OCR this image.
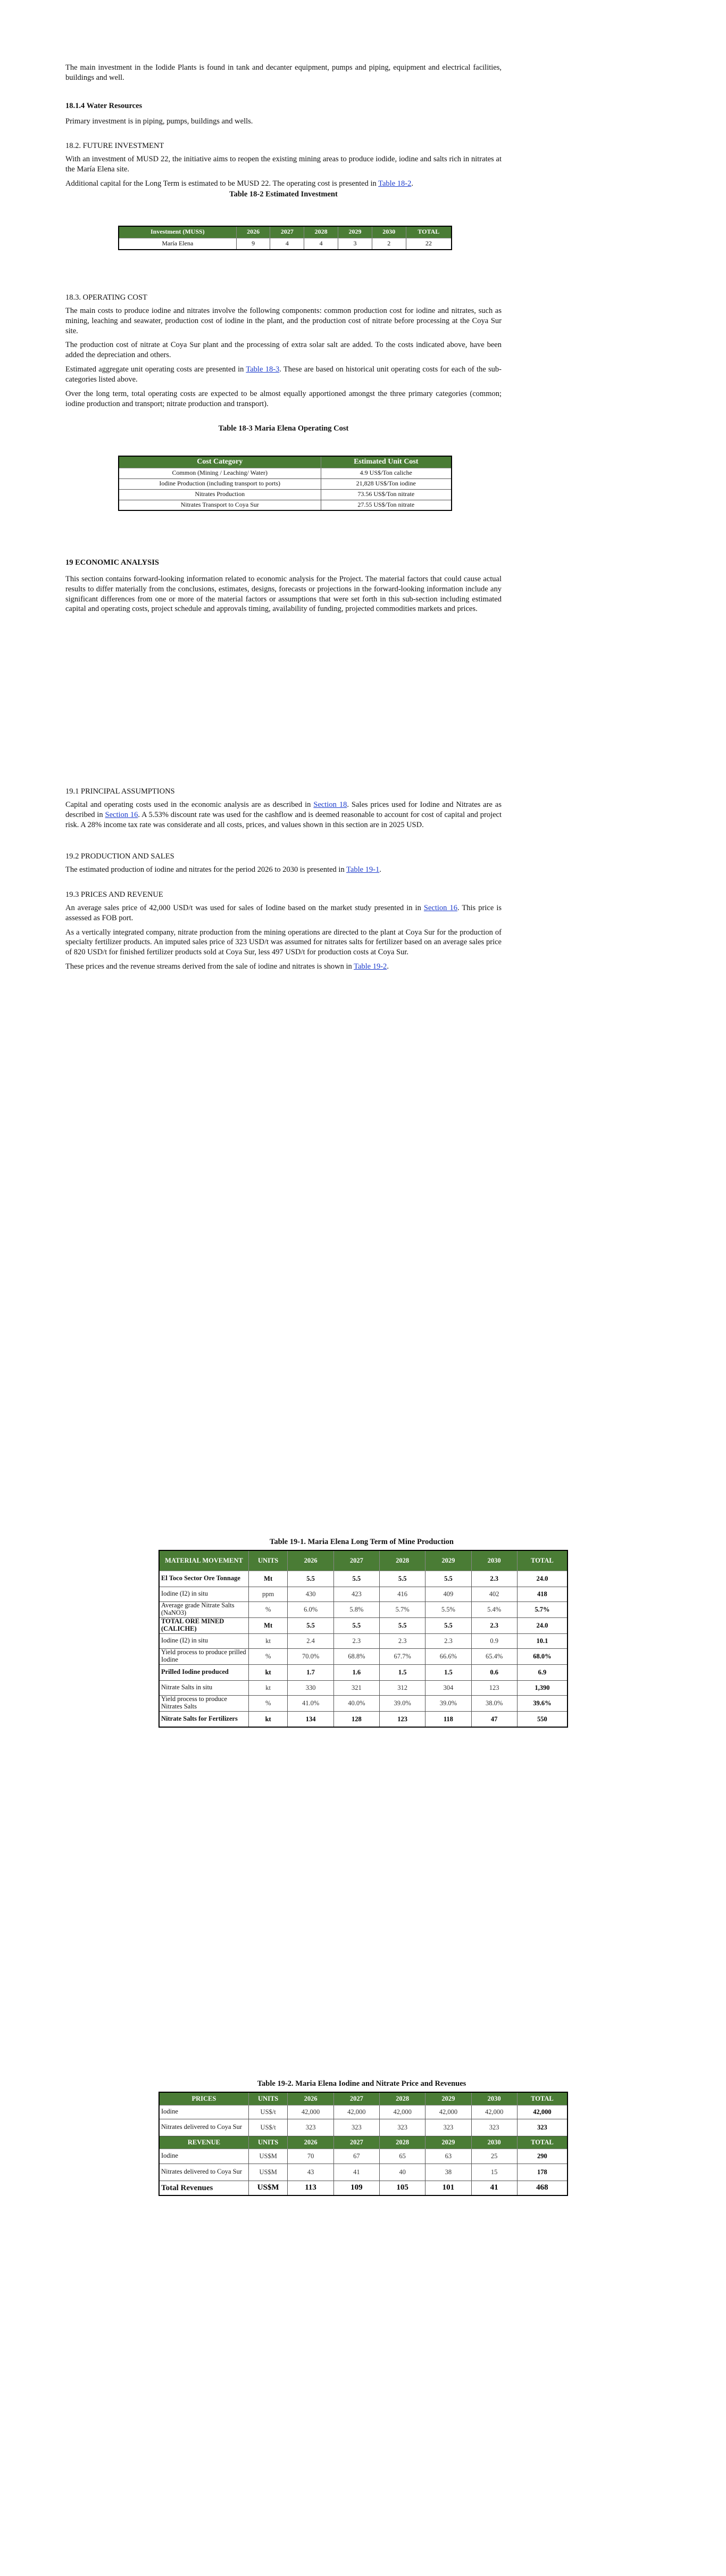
The main investment in the Iodide Plants is found in tank and decanter equipment, pumps and piping, equipment and electrical facilities, buildings and well.

18.1.4 Water Resources

Primary investment is in piping, pumps, buildings and wells.

18.2. FUTURE INVESTMENT

With an investment of MUSD 22, the initiative aims to reopen the existing mining areas to produce iodide, iodine and salts rich in nitrates at the María Elena site.

Additional capital for the Long Term is estimated to be MUSD 22. The operating cost is presented in Table 18-2.

Table 18-2 Estimated Investment
Investment (MUSS)	2026	2027	2028	2029	2030	TOTAL
María Elena	9	4	4	3	2	22
18.3. OPERATING COST

The main costs to produce iodine and nitrates involve the following components: common production cost for iodine and nitrates, such as mining, leaching and seawater, production cost of iodine in the plant, and the production cost of nitrate before processing at the Coya Sur site.

The production cost of nitrate at Coya Sur plant and the processing of extra solar salt are added. To the costs indicated above, have been added the depreciation and others.

Estimated aggregate unit operating costs are presented in Table 18-3. These are based on historical unit operating costs for each of the sub-categories listed above.

Over the long term, total operating costs are expected to be almost equally apportioned amongst the three primary categories (common; iodine production and transport; nitrate production and transport).

Table 18-3 Maria Elena Operating Cost
Cost Category	Estimated Unit Cost
Common (Mining / Leaching/ Water)	4.9 US$/Ton caliche
Iodine Production (including transport to ports)	21,828 US$/Ton iodine
Nitrates Production	73.56 US$/Ton nitrate
Nitrates Transport to Coya Sur	27.55 US$/Ton nitrate
19 ECONOMIC ANALYSIS

This section contains forward-looking information related to economic analysis for the Project. The material factors that could cause actual results to differ materially from the conclusions, estimates, designs, forecasts or projections in the forward-looking information include any significant differences from one or more of the material factors or assumptions that were set forth in this sub-section including estimated capital and operating costs, project schedule and approvals timing, availability of funding, projected commodities markets and prices.

19.1 PRINCIPAL ASSUMPTIONS

Capital and operating costs used in the economic analysis are as described in Section 18. Sales prices used for Iodine and Nitrates are as described in Section 16. A 5.53% discount rate was used for the cashflow and is deemed reasonable to account for cost of capital and project risk. A 28% income tax rate was considerate and all costs, prices, and values shown in this section are in 2025 USD.

19.2 PRODUCTION AND SALES

The estimated production of iodine and nitrates for the period 2026 to 2030 is presented in Table 19-1.

19.3 PRICES AND REVENUE

An average sales price of 42,000 USD/t was used for sales of Iodine based on the market study presented in in Section 16. This price is assessed as FOB port.

As a vertically integrated company, nitrate production from the mining operations are directed to the plant at Coya Sur for the production of specialty fertilizer products. An imputed sales price of 323 USD/t was assumed for nitrates salts for fertilizer based on an average sales price of 820 USD/t for finished fertilizer products sold at Coya Sur, less 497 USD/t for production costs at Coya Sur.

These prices and the revenue streams derived from the sale of iodine and nitrates is shown in Table 19-2.

Table 19-1. Maria Elena Long Term of Mine Production
MATERIAL MOVEMENT	UNITS	2026	2027	2028	2029	2030	TOTAL
El Toco Sector Ore Tonnage	Mt	5.5	5.5	5.5	5.5	2.3	24.0
Iodine (I2) in situ	ppm	430	423	416	409	402	418
Average grade Nitrate Salts (NaNO3)	%	6.0%	5.8%	5.7%	5.5%	5.4%	5.7%
TOTAL ORE MINED (CALICHE)	Mt	5.5	5.5	5.5	5.5	2.3	24.0
Iodine (I2) in situ	kt	2.4	2.3	2.3	2.3	0.9	10.1
Yield process to produce prilled Iodine	%	70.0%	68.8%	67.7%	66.6%	65.4%	68.0%
Prilled Iodine produced	kt	1.7	1.6	1.5	1.5	0.6	6.9
Nitrate Salts in situ	kt	330	321	312	304	123	1,390
Yield process to produce Nitrates Salts	%	41.0%	40.0%	39.0%	39.0%	38.0%	39.6%
Nitrate Salts for Fertilizers	kt	134	128	123	118	47	550
Table 19-2. Maria Elena Iodine and Nitrate Price and Revenues
PRICES	UNITS	2026	2027	2028	2029	2030	TOTAL
Iodine	US$/t	42,000	42,000	42,000	42,000	42,000	42,000
Nitrates delivered to Coya Sur	US$/t	323	323	323	323	323	323
REVENUE	UNITS	2026	2027	2028	2029	2030	TOTAL
Iodine	US$M	70	67	65	63	25	290
Nitrates delivered to Coya Sur	US$M	43	41	40	38	15	178
Total Revenues	US$M	113	109	105	101	41	468
